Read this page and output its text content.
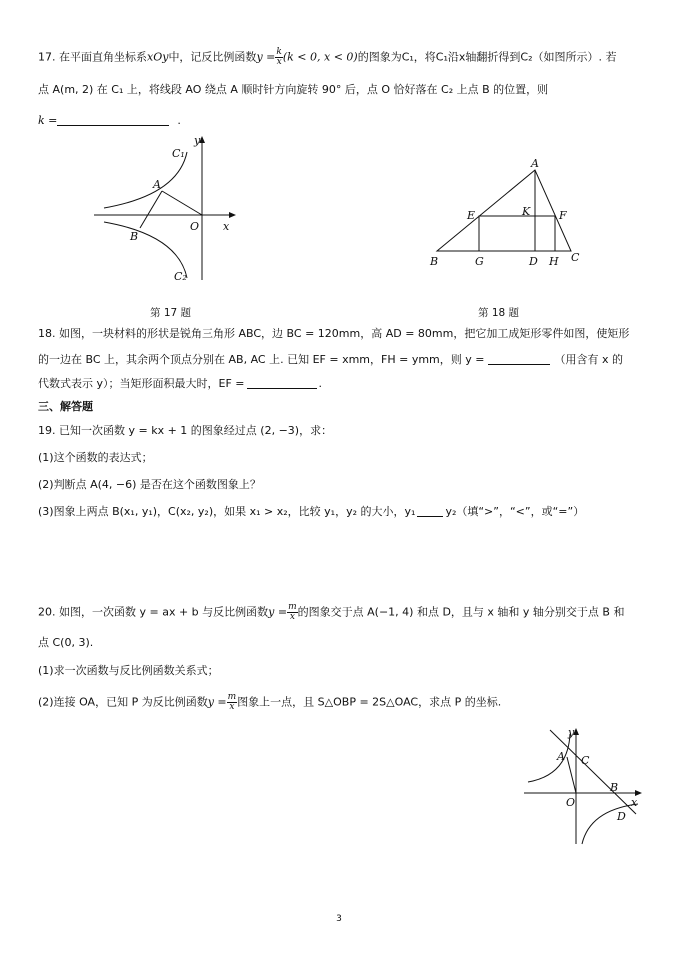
17. 在平面直角坐标系xOy中，记反比例函数$y = \frac{k}{x} (k < 0$, x < 0)的图象为C₁，将C₁沿x轴翻折得到C₂（如图所示）. 若
点 A(m, 2) 在 C₁ 上，将线段 AO 绕点 A 顺时针方向旋转 90° 后，点 O 恰好落在 C₂ 上点 B 的位置，则
k =	.
y
C₁
A
O x
B
C₂
第 17 题
A
E	K	F
B	G	D H C
第 18 题
18. 如图，一块材料的形状是锐角三角形 ABC，边 BC = 120mm，高 AD = 80mm，把它加工成矩形零件如图，使矩形
的一边在 BC 上，其余两个顶点分别在 AB, AC 上. 已知 EF = xmm，FH = ymm，则 y =	（用含有 x 的
代数式表示 y）；当矩形面积最大时，EF =	.
三、解答题
19. 已知一次函数 y = kx + 1 的图象经过点 (2, −3)，求：
(1)这个函数的表达式；
(2)判断点 A(4, −6) 是否在这个函数图象上？
(3)图象上两点 B(x₁, y₁)，C(x₂, y₂)，如果 x₁ > x₂，比较 y₁，y₂ 的大小，y₁	y₂（填“>”，“<”，或“=”）
20. 如图，一次函数 y = ax + b 与反比例函数$y = \frac{m}{x}$ 的图象交于点 A(−1, 4) 和点 D，且与 x 轴和 y 轴分别交于点 B 和
点 C(0, 3).
(1)求一次函数与反比例函数关系式；
(2)连接 OA，已知 P 为反比例函数$y = \frac{m}{x}$ 图象上一点，且 S△OBP = 2S△OAC，求点 P 的坐标.
y
A C
B
O	x
D
3
